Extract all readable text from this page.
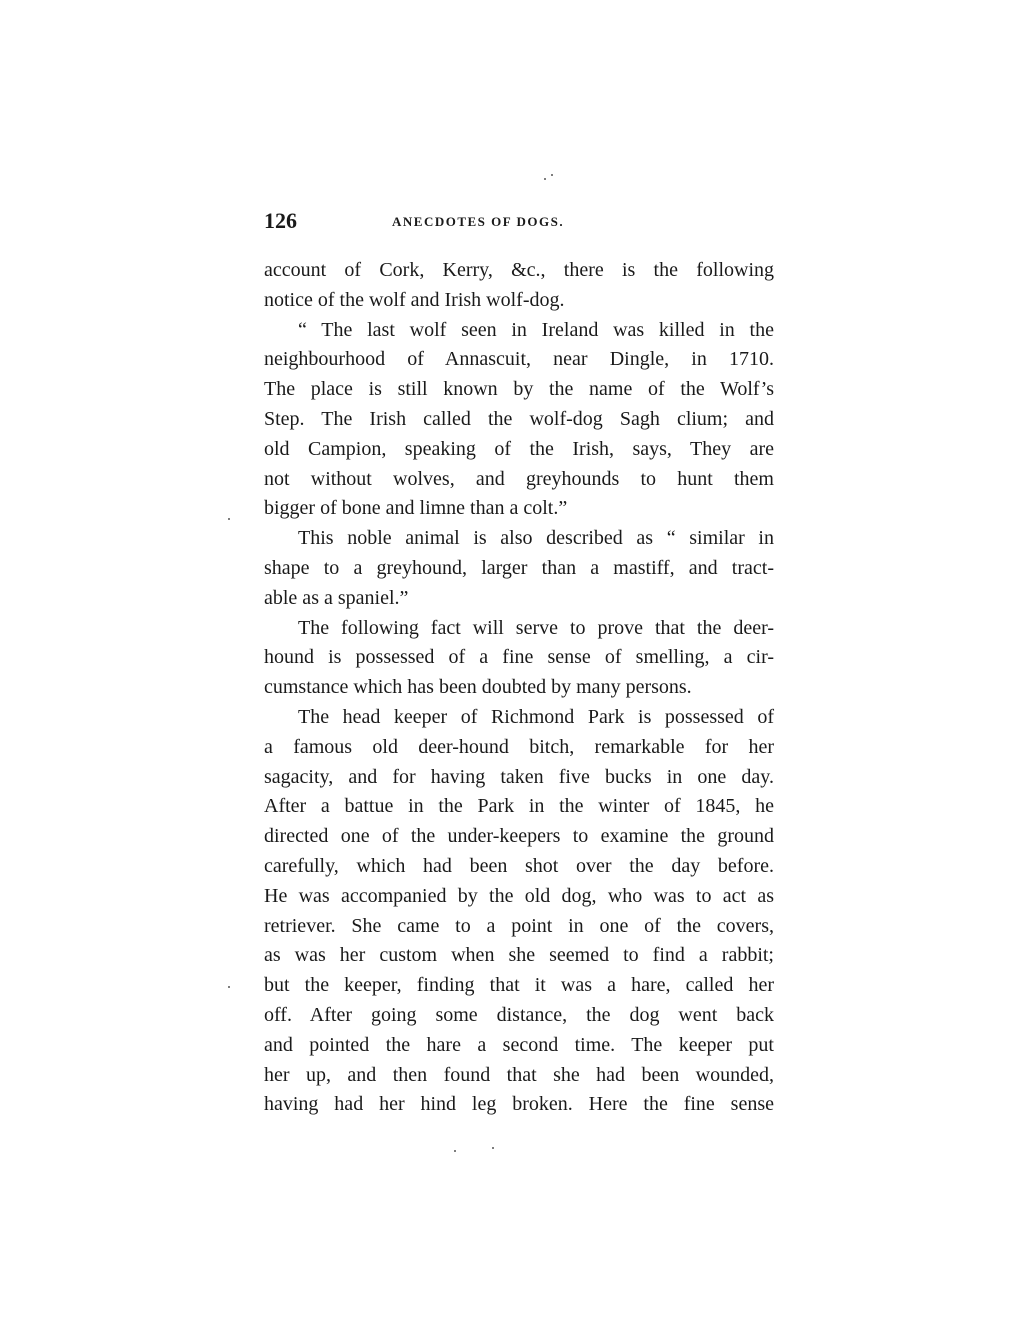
126	ANECDOTES OF DOGS.
account of Cork, Kerry, &c., there is the following
notice of the wolf and Irish wolf-dog.
“ The last wolf seen in Ireland was killed in the
neighbourhood of Annascuit, near Dingle, in 1710.
The place is still known by the name of the Wolf’s
Step. The Irish called the wolf-dog Sagh clium; and
old Campion, speaking of the Irish, says, They are
not without wolves, and greyhounds to hunt them
bigger of bone and limne than a colt.”
This noble animal is also described as “ similar in
shape to a greyhound, larger than a mastiff, and tract-
able as a spaniel.”
The following fact will serve to prove that the deer-
hound is possessed of a fine sense of smelling, a cir-
cumstance which has been doubted by many persons.
The head keeper of Richmond Park is possessed of
a famous old deer-hound bitch, remarkable for her
sagacity, and for having taken five bucks in one day.
After a battue in the Park in the winter of 1845, he
directed one of the under-keepers to examine the ground
carefully, which had been shot over the day before.
He was accompanied by the old dog, who was to act as
retriever. She came to a point in one of the covers,
as was her custom when she seemed to find a rabbit;
but the keeper, finding that it was a hare, called her
off. After going some distance, the dog went back
and pointed the hare a second time. The keeper put
her up, and then found that she had been wounded,
having had her hind leg broken. Here the fine sense
